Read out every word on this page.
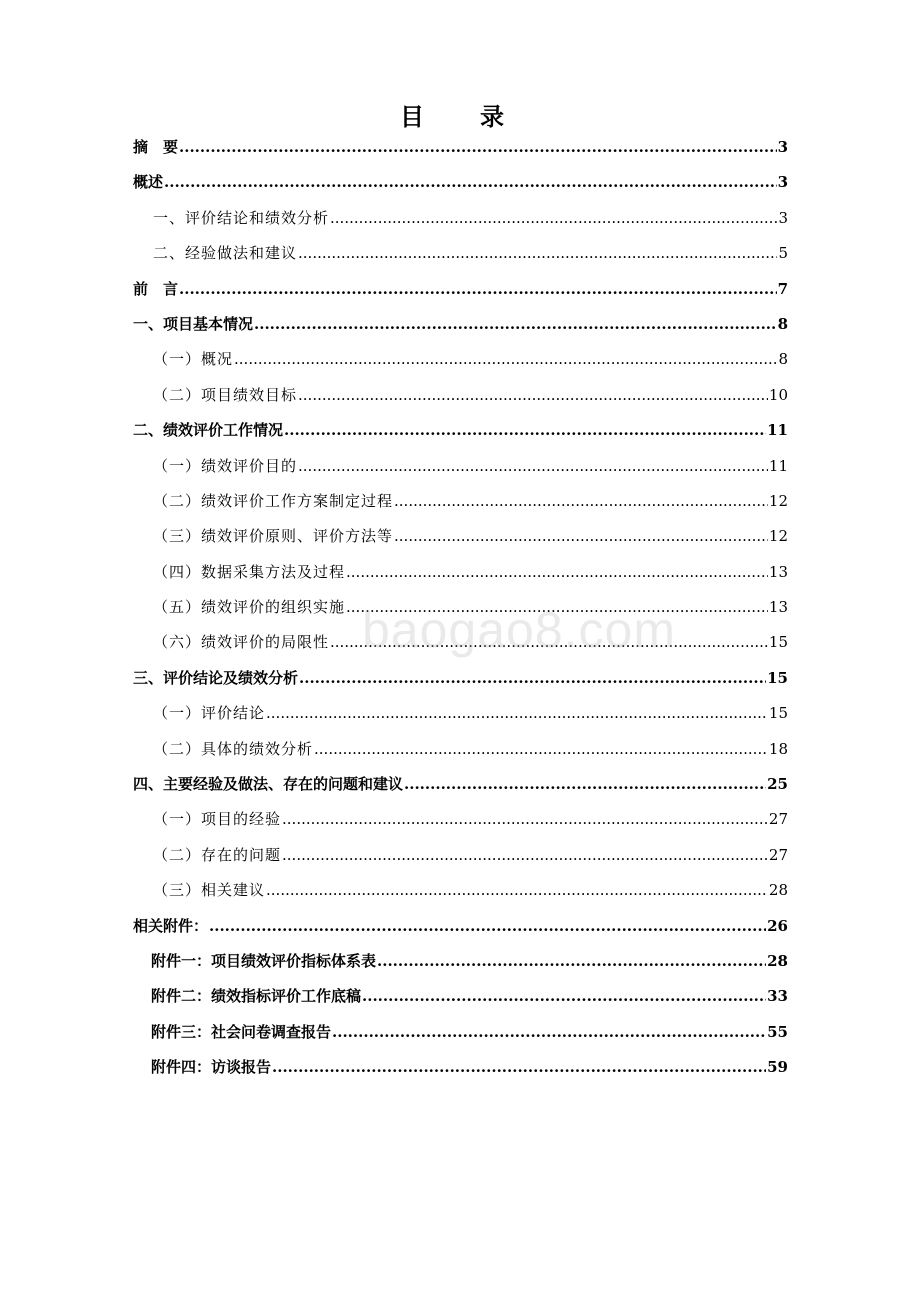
目　录
摘　要 .....	3
概述 .....	3
一、评价结论和绩效分析 .....	3
二、经验做法和建议 .....	5
前　言 .....	7
一、项目基本情况 .....	8
（一）概况 .....	8
（二）项目绩效目标 .....	10
二、绩效评价工作情况 .....	11
（一）绩效评价目的 .....	11
（二）绩效评价工作方案制定过程 .....	12
（三）绩效评价原则、评价方法等 .....	12
（四）数据采集方法及过程 .....	13
（五）绩效评价的组织实施 .....	13
（六）绩效评价的局限性 .....	15
三、评价结论及绩效分析 .....	15
（一）评价结论 .....	15
（二）具体的绩效分析 .....	18
四、主要经验及做法、存在的问题和建议 .....	25
（一）项目的经验 .....	27
（二）存在的问题 .....	27
（三）相关建议 .....	28
相关附件： .....	26
附件一：项目绩效评价指标体系表 .....	28
附件二：绩效指标评价工作底稿 .....	33
附件三：社会问卷调查报告 .....	55
附件四：访谈报告 .....	59
baogao8.com
